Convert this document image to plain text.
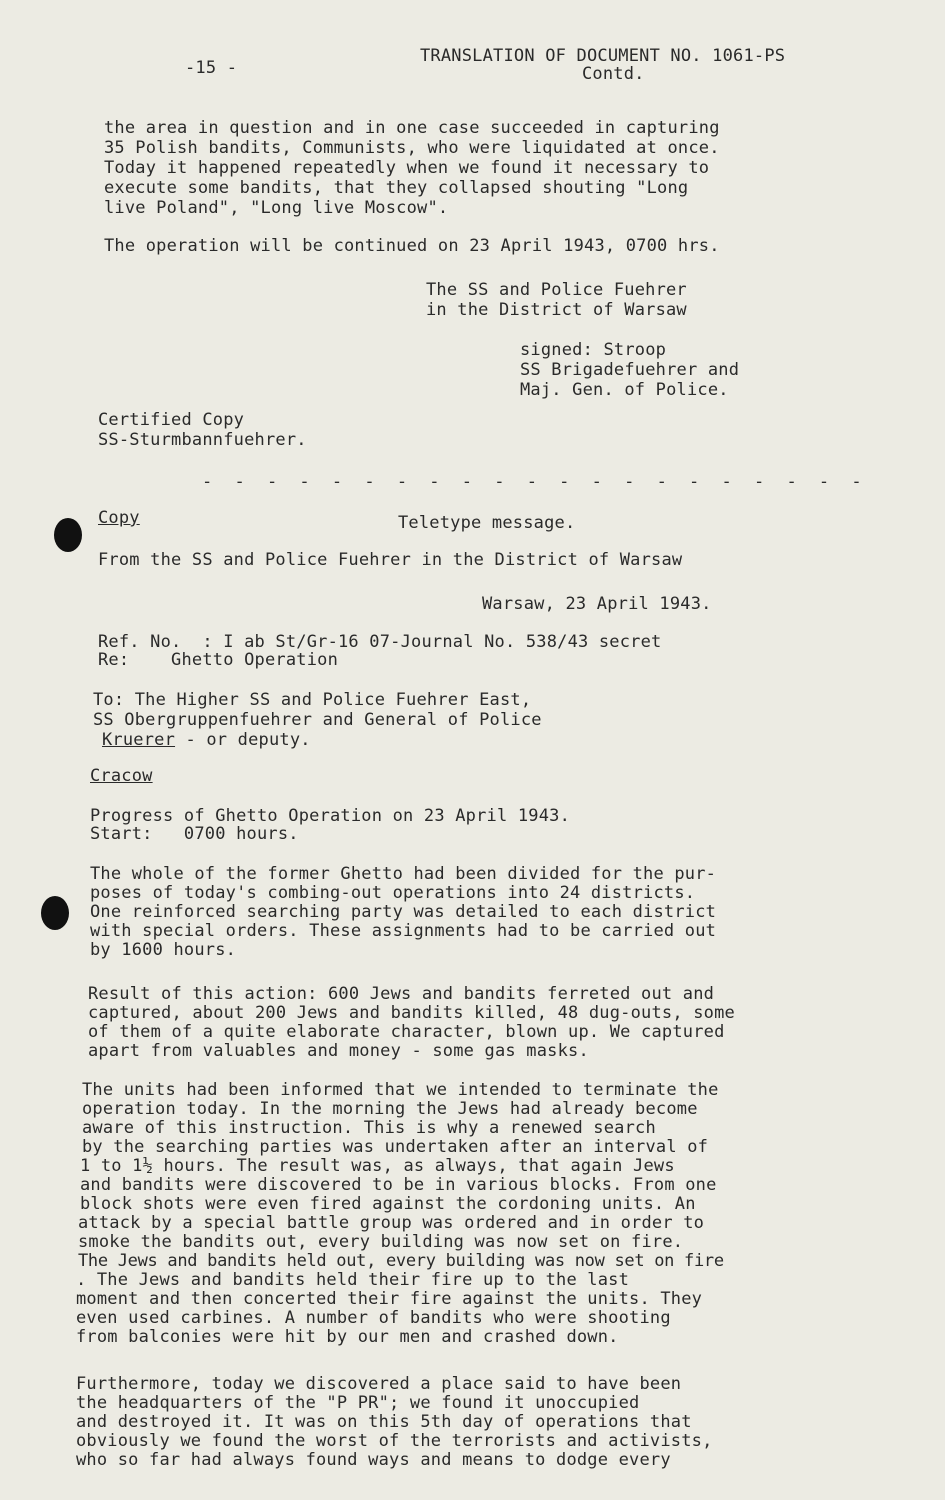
-15 -
TRANSLATION OF DOCUMENT NO. 1061-PS
Contd.
the area in question and in one case succeeded in capturing
35 Polish bandits, Communists, who were liquidated at once.
Today it happened repeatedly when we found it necessary to
execute some bandits, that they collapsed shouting "Long
live Poland", "Long live Moscow".
The operation will be continued on 23 April 1943, 0700 hrs.
The SS and Police Fuehrer
in the District of Warsaw
signed: Stroop
SS Brigadefuehrer and
Maj. Gen. of Police.
Certified Copy
SS-Sturmbannfuehrer.
- - - - - - - - - - - - - - - - - - - - -
Copy	Teletype message.
From the SS and Police Fuehrer in the District of Warsaw
Warsaw, 23 April 1943.
Ref. No.  : I ab St/Gr-16 07-Journal No. 538/43 secret
Re:    Ghetto Operation
To: The Higher SS and Police Fuehrer East,
SS Obergruppenfuehrer and General of Police
Kruerer - or deputy.
Cracow
Progress of Ghetto Operation on 23 April 1943.
Start:   0700 hours.
The whole of the former Ghetto had been divided for the pur-
poses of today's combing-out operations into 24 districts.
One reinforced searching party was detailed to each district
with special orders. These assignments had to be carried out
by 1600 hours.
Result of this action: 600 Jews and bandits ferreted out and
captured, about 200 Jews and bandits killed, 48 dug-outs, some
of them of a quite elaborate character, blown up. We captured
apart from valuables and money - some gas masks.
The units had been informed that we intended to terminate the
operation today. In the morning the Jews had already become
aware of this instruction. This is why a renewed search
by the searching parties was undertaken after an interval of
1 to 1½ hours. The result was, as always, that again Jews
and bandits were discovered to be in various blocks. From one
block shots were even fired against the cordoning units. An
attack by a special battle group was ordered and in order to
smoke the bandits out, every building was now set on fire.
The Jews and bandits held out, every building was now set on fire
. The Jews and bandits held their fire up to the last
moment and then concerted their fire against the units. They
even used carbines. A number of bandits who were shooting
from balconies were hit by our men and crashed down.
Furthermore, today we discovered a place said to have been
the headquarters of the "P PR"; we found it unoccupied
and destroyed it. It was on this 5th day of operations that
obviously we found the worst of the terrorists and activists,
who so far had always found ways and means to dodge every
